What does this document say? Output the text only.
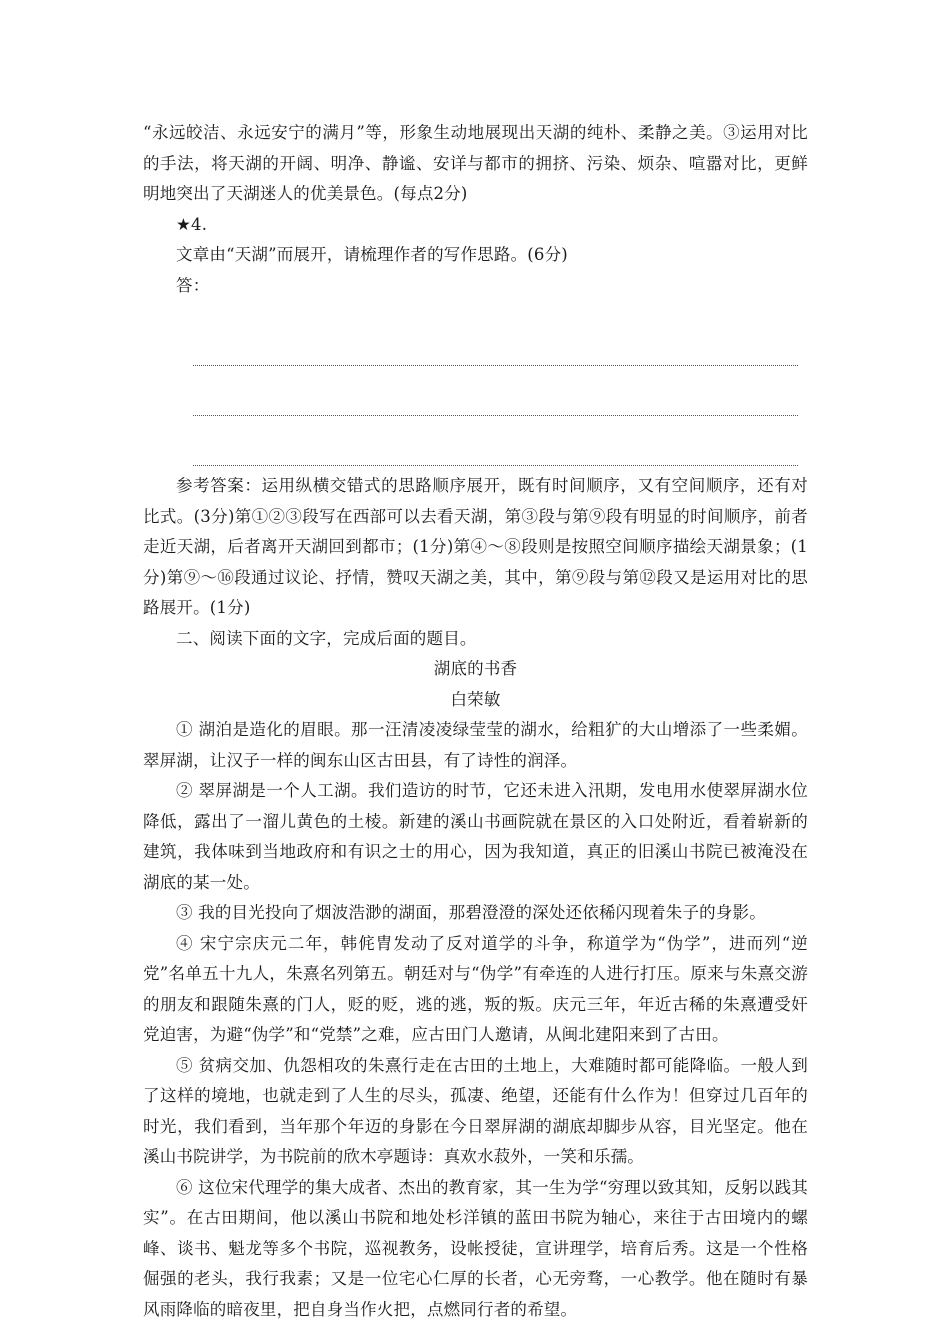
“永远皎洁、永远安宁的满月”等，形象生动地展现出天湖的纯朴、柔静之美。③运用对比的手法，将天湖的开阔、明净、静谧、安详与都市的拥挤、污染、烦杂、喧嚣对比，更鲜明地突出了天湖迷人的优美景色。(每点2分)

★4.

文章由“天湖”而展开，请梳理作者的写作思路。(6分)

答：

参考答案：运用纵横交错式的思路顺序展开，既有时间顺序，又有空间顺序，还有对比式。(3分)第①②③段写在西部可以去看天湖，第③段与第⑨段有明显的时间顺序，前者走近天湖，后者离开天湖回到都市；(1分)第④～⑧段则是按照空间顺序描绘天湖景象；(1分)第⑨～⑯段通过议论、抒情，赞叹天湖之美，其中，第⑨段与第⑫段又是运用对比的思路展开。(1分)

二、阅读下面的文字，完成后面的题目。

湖底的书香

白荣敏

① 湖泊是造化的眉眼。那一汪清凌凌绿莹莹的湖水，给粗犷的大山增添了一些柔媚。翠屏湖，让汉子一样的闽东山区古田县，有了诗性的润泽。

② 翠屏湖是一个人工湖。我们造访的时节，它还未进入汛期，发电用水使翠屏湖水位降低，露出了一溜儿黄色的土棱。新建的溪山书画院就在景区的入口处附近，看着崭新的建筑，我体味到当地政府和有识之士的用心，因为我知道，真正的旧溪山书院已被淹没在湖底的某一处。

③ 我的目光投向了烟波浩渺的湖面，那碧澄澄的深处还依稀闪现着朱子的身影。

④ 宋宁宗庆元二年，韩侂胄发动了反对道学的斗争，称道学为“伪学”，进而列“逆党”名单五十九人，朱熹名列第五。朝廷对与“伪学”有牵连的人进行打压。原来与朱熹交游的朋友和跟随朱熹的门人，贬的贬，逃的逃，叛的叛。庆元三年，年近古稀的朱熹遭受奸党迫害，为避“伪学”和“党禁”之难，应古田门人邀请，从闽北建阳来到了古田。

⑤ 贫病交加、仇怨相攻的朱熹行走在古田的土地上，大难随时都可能降临。一般人到了这样的境地，也就走到了人生的尽头，孤凄、绝望，还能有什么作为！但穿过几百年的时光，我们看到，当年那个年迈的身影在今日翠屏湖的湖底却脚步从容，目光坚定。他在溪山书院讲学，为书院前的欣木亭题诗：真欢水菽外，一笑和乐孺。

⑥ 这位宋代理学的集大成者、杰出的教育家，其一生为学“穷理以致其知，反躬以践其实”。在古田期间，他以溪山书院和地处杉洋镇的蓝田书院为轴心，来往于古田境内的螺峰、谈书、魁龙等多个书院，巡视教务，设帐授徒，宣讲理学，培育后秀。这是一个性格倔强的老头，我行我素；又是一位宅心仁厚的长者，心无旁骛，一心教学。他在随时有暴风雨降临的暗夜里，把自身当作火把，点燃同行者的希望。
